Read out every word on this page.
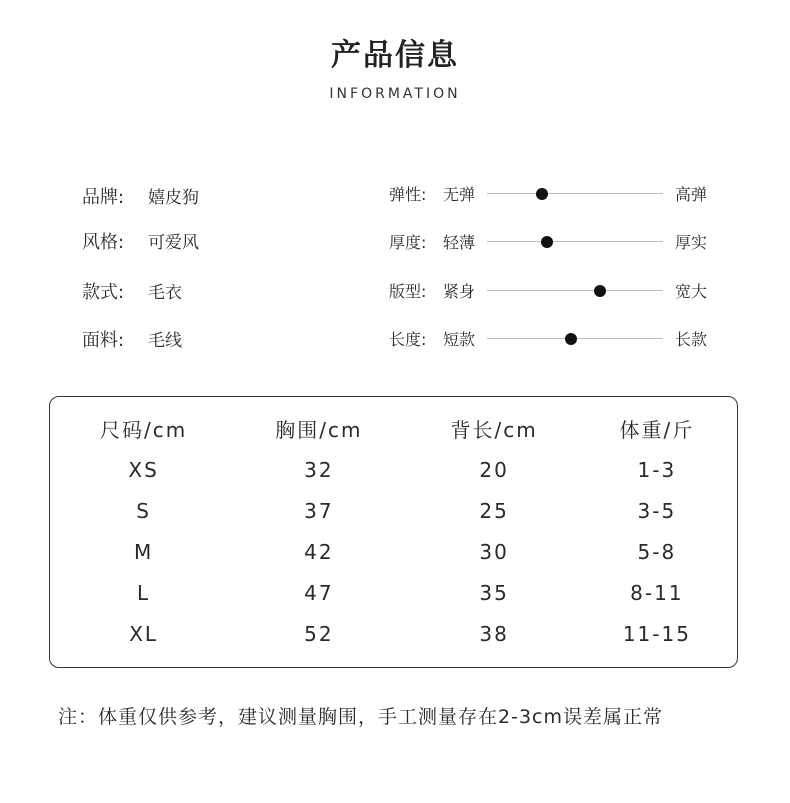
产品信息
INFORMATION
品牌: 嬉皮狗
风格: 可爱风
款式: 毛衣
面料: 毛线
弹性: 无弹	高弹
厚度: 轻薄	厚实
版型: 紧身	宽大
长度: 短款	长款
尺码/cm	胸围/cm	背长/cm	体重/斤
XS	32	20	1-3
S	37	25	3-5
M	42	30	5-8
L	47	35	8-11
XL	52	38	11-15
注：体重仅供参考，建议测量胸围，手工测量存在2-3cm误差属正常
